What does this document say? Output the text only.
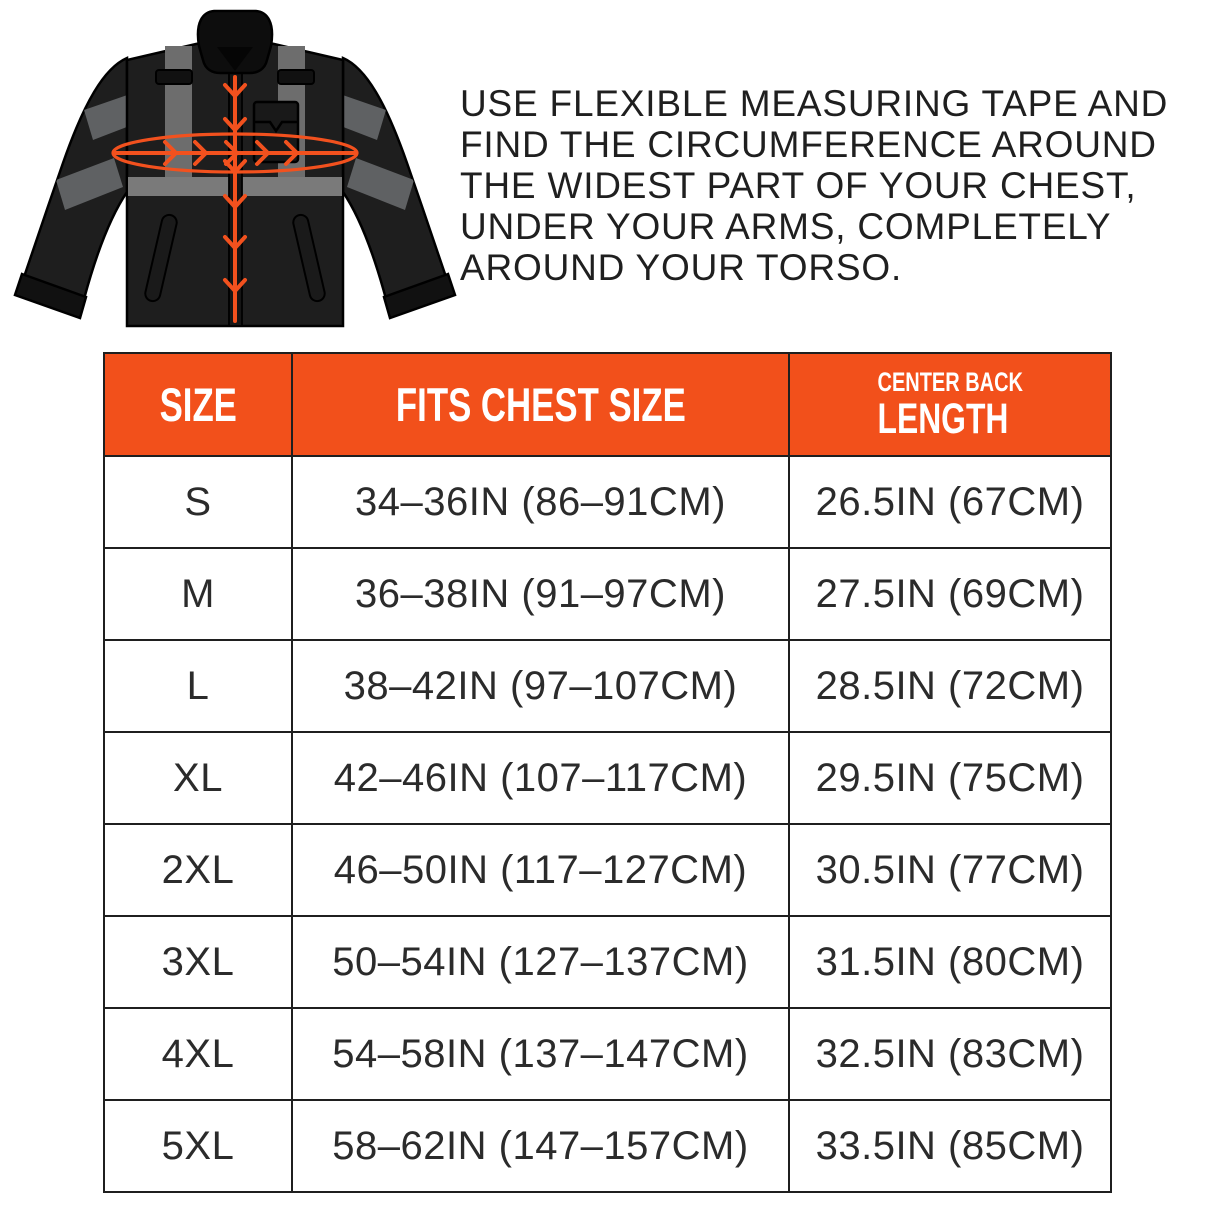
USE FLEXIBLE MEASURING TAPE AND
FIND THE CIRCUMFERENCE AROUND
THE WIDEST PART OF YOUR CHEST,
UNDER YOUR ARMS, COMPLETELY
AROUND YOUR TORSO.
SIZE	FITS CHEST SIZE	CENTER BACK
LENGTH

S	34–36IN (86–91CM)	26.5IN (67CM)
M	36–38IN (91–97CM)	27.5IN (69CM)
L	38–42IN (97–107CM)	28.5IN (72CM)
XL	42–46IN (107–117CM)	29.5IN (75CM)
2XL	46–50IN (117–127CM)	30.5IN (77CM)
3XL	50–54IN (127–137CM)	31.5IN (80CM)
4XL	54–58IN (137–147CM)	32.5IN (83CM)
5XL	58–62IN (147–157CM)	33.5IN (85CM)
